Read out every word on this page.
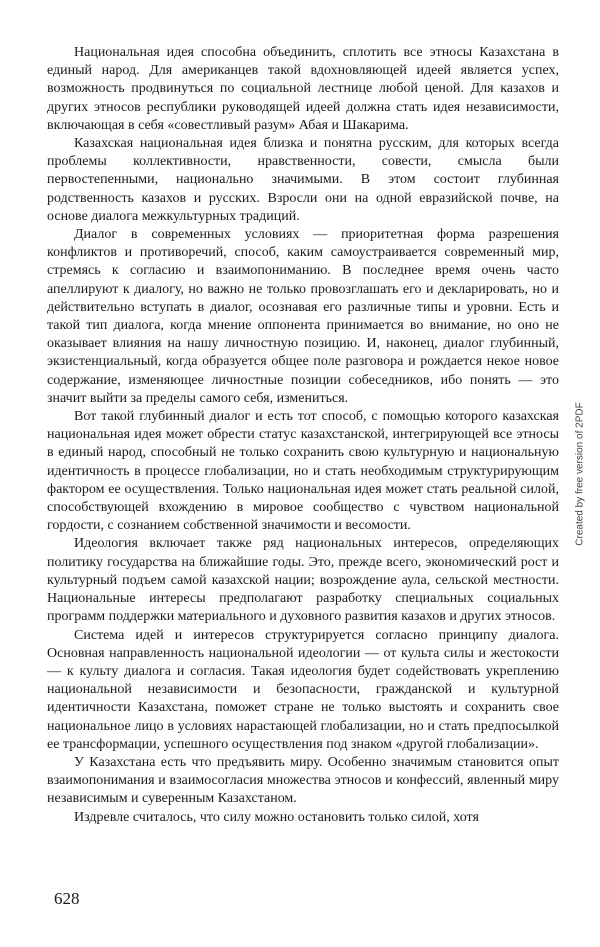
Национальная идея способна объединить, сплотить все этносы Казахстана в единый народ. Для американцев такой вдохновляющей идеей является успех, возможность продвинуться по социальной лестнице любой ценой. Для казахов и других этносов республики руководящей идеей должна стать идея независимости, включающая в себя «совестливый разум» Абая и Шакарима.

Казахская национальная идея близка и понятна русским, для которых всегда проблемы коллективности, нравственности, совести, смысла были первостепенными, национально значимыми. В этом состоит глубинная родственность казахов и русских. Взросли они на одной евразийской почве, на основе диалога межкультурных традиций.

Диалог в современных условиях — приоритетная форма разрешения конфликтов и противоречий, способ, каким самоустраивается современный мир, стремясь к согласию и взаимопониманию. В последнее время очень часто апеллируют к диалогу, но важно не только провозглашать его и декларировать, но и действительно вступать в диалог, осознавая его различные типы и уровни. Есть и такой тип диалога, когда мнение оппонента принимается во внимание, но оно не оказывает влияния на нашу личностную позицию. И, наконец, диалог глубинный, экзистенциальный, когда образуется общее поле разговора и рождается некое новое содержание, изменяющее личностные позиции собеседников, ибо понять — это значит выйти за пределы самого себя, измениться.

Вот такой глубинный диалог и есть тот способ, с помощью которого казахская национальная идея может обрести статус казахстанской, интегрирующей все этносы в единый народ, способный не только сохранить свою культурную и национальную идентичность в процессе глобализации, но и стать необходимым структурирующим фактором ее осуществления. Только национальная идея может стать реальной силой, способствующей вхождению в мировое сообщество с чувством национальной гордости, с сознанием собственной значимости и весомости.

Идеология включает также ряд национальных интересов, определяющих политику государства на ближайшие годы. Это, прежде всего, экономический рост и культурный подъем самой казахской нации; возрождение аула, сельской местности. Национальные интересы предполагают разработку специальных социальных программ поддержки материального и духовного развития казахов и других этносов.

Система идей и интересов структурируется согласно принципу диалога. Основная направленность национальной идеологии — от культа силы и жестокости — к культу диалога и согласия. Такая идеология будет содействовать укреплению национальной независимости и безопасности, гражданской и культурной идентичности Казахстана, поможет стране не только выстоять и сохранить свое национальное лицо в условиях нарастающей глобализации, но и стать предпосылкой ее трансформации, успешного осуществления под знаком «другой глобализации».

У Казахстана есть что предъявить миру. Особенно значимым становится опыт взаимопонимания и взаимосогласия множества этносов и конфессий, явленный миру независимым и суверенным Казахстаном.

Издревле считалось, что силу можно остановить только силой, хотя

628
Created by free version of 2PDF
